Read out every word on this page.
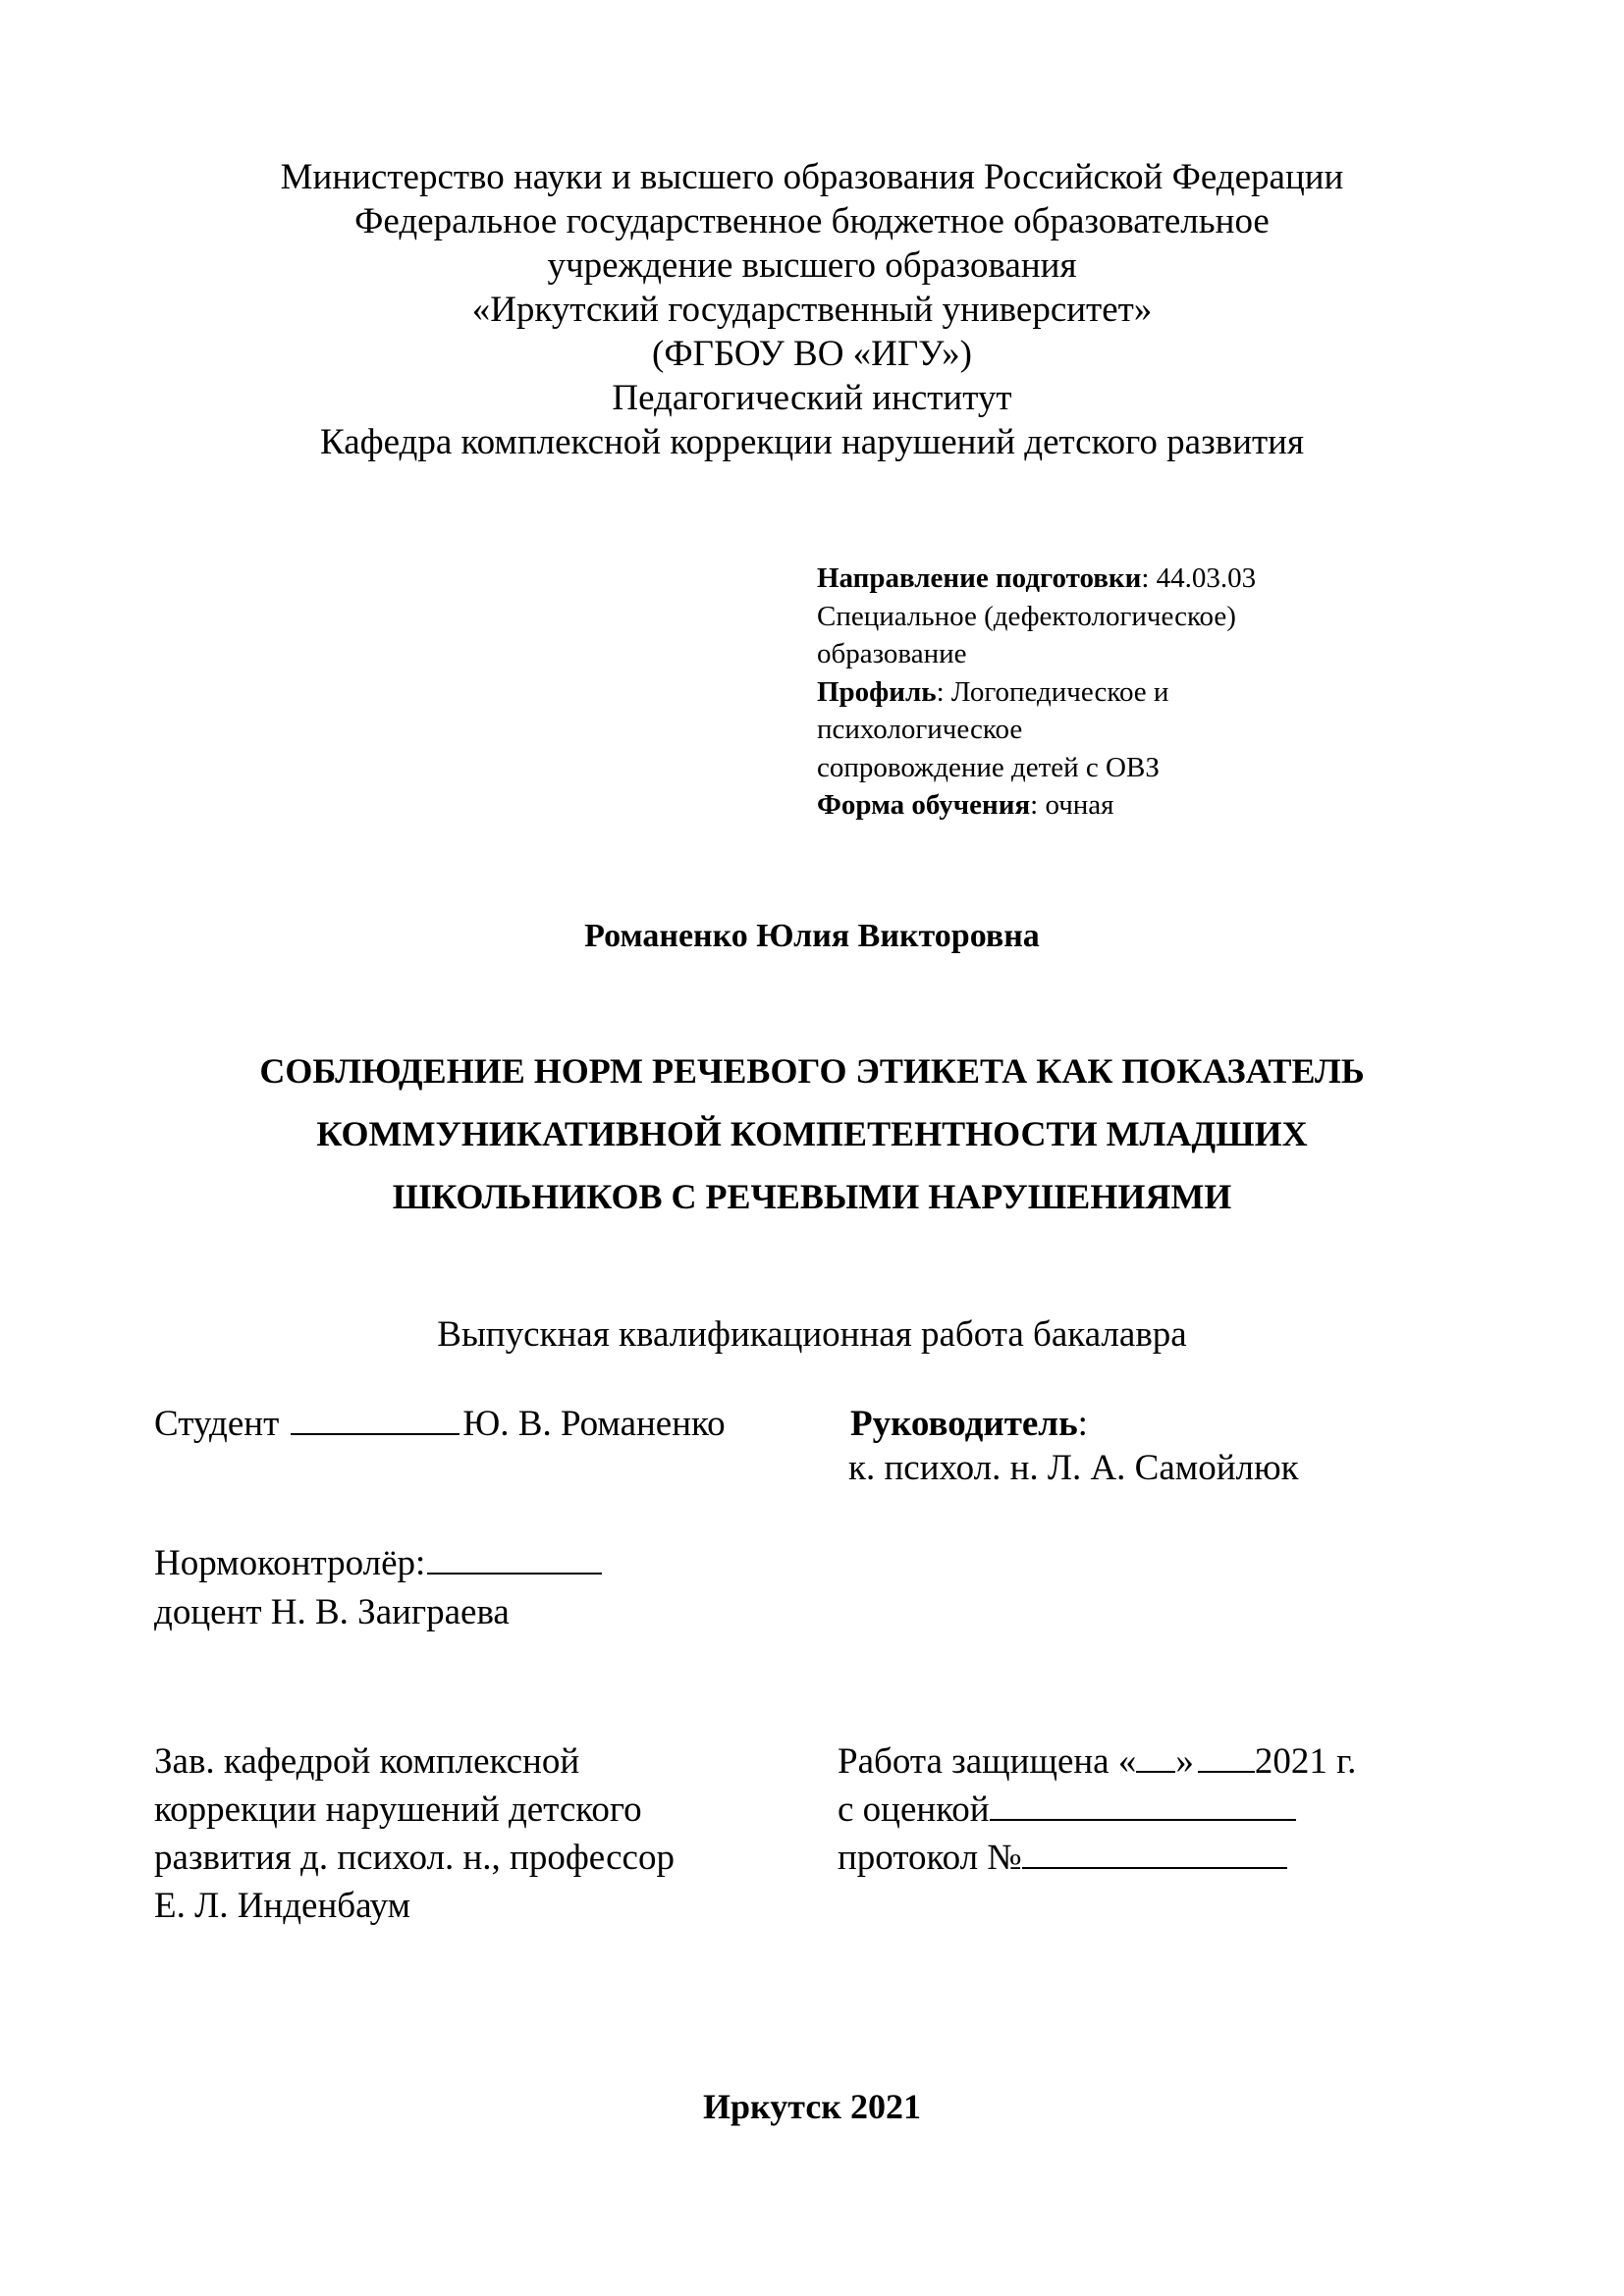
Министерство науки и высшего образования Российской Федерации
Федеральное государственное бюджетное образовательное
учреждение высшего образования
«Иркутский государственный университет»
(ФГБОУ ВО «ИГУ»)
Педагогический институт
Кафедра комплексной коррекции нарушений детского развития
Направление подготовки: 44.03.03
Специальное (дефектологическое)
образование
Профиль: Логопедическое и
психологическое
сопровождение детей с ОВЗ
Форма обучения: очная
Романенко Юлия Викторовна
СОБЛЮДЕНИЕ НОРМ РЕЧЕВОГО ЭТИКЕТА КАК ПОКАЗАТЕЛЬ
КОММУНИКАТИВНОЙ КОМПЕТЕНТНОСТИ МЛАДШИХ
ШКОЛЬНИКОВ С РЕЧЕВЫМИ НАРУШЕНИЯМИ
Выпускная квалификационная работа бакалавра
Студент	Ю. В. Романенко	Руководитель:
к. психол. н. Л. А. Самойлюк
Нормоконтролёр:
доцент Н. В. Заиграева
Зав. кафедрой комплексной
коррекции нарушений детского
развития д. психол. н., профессор
Е. Л. Инденбаум
Работа защищена « » 2021 г.
с оценкой
протокол №
Иркутск 2021
